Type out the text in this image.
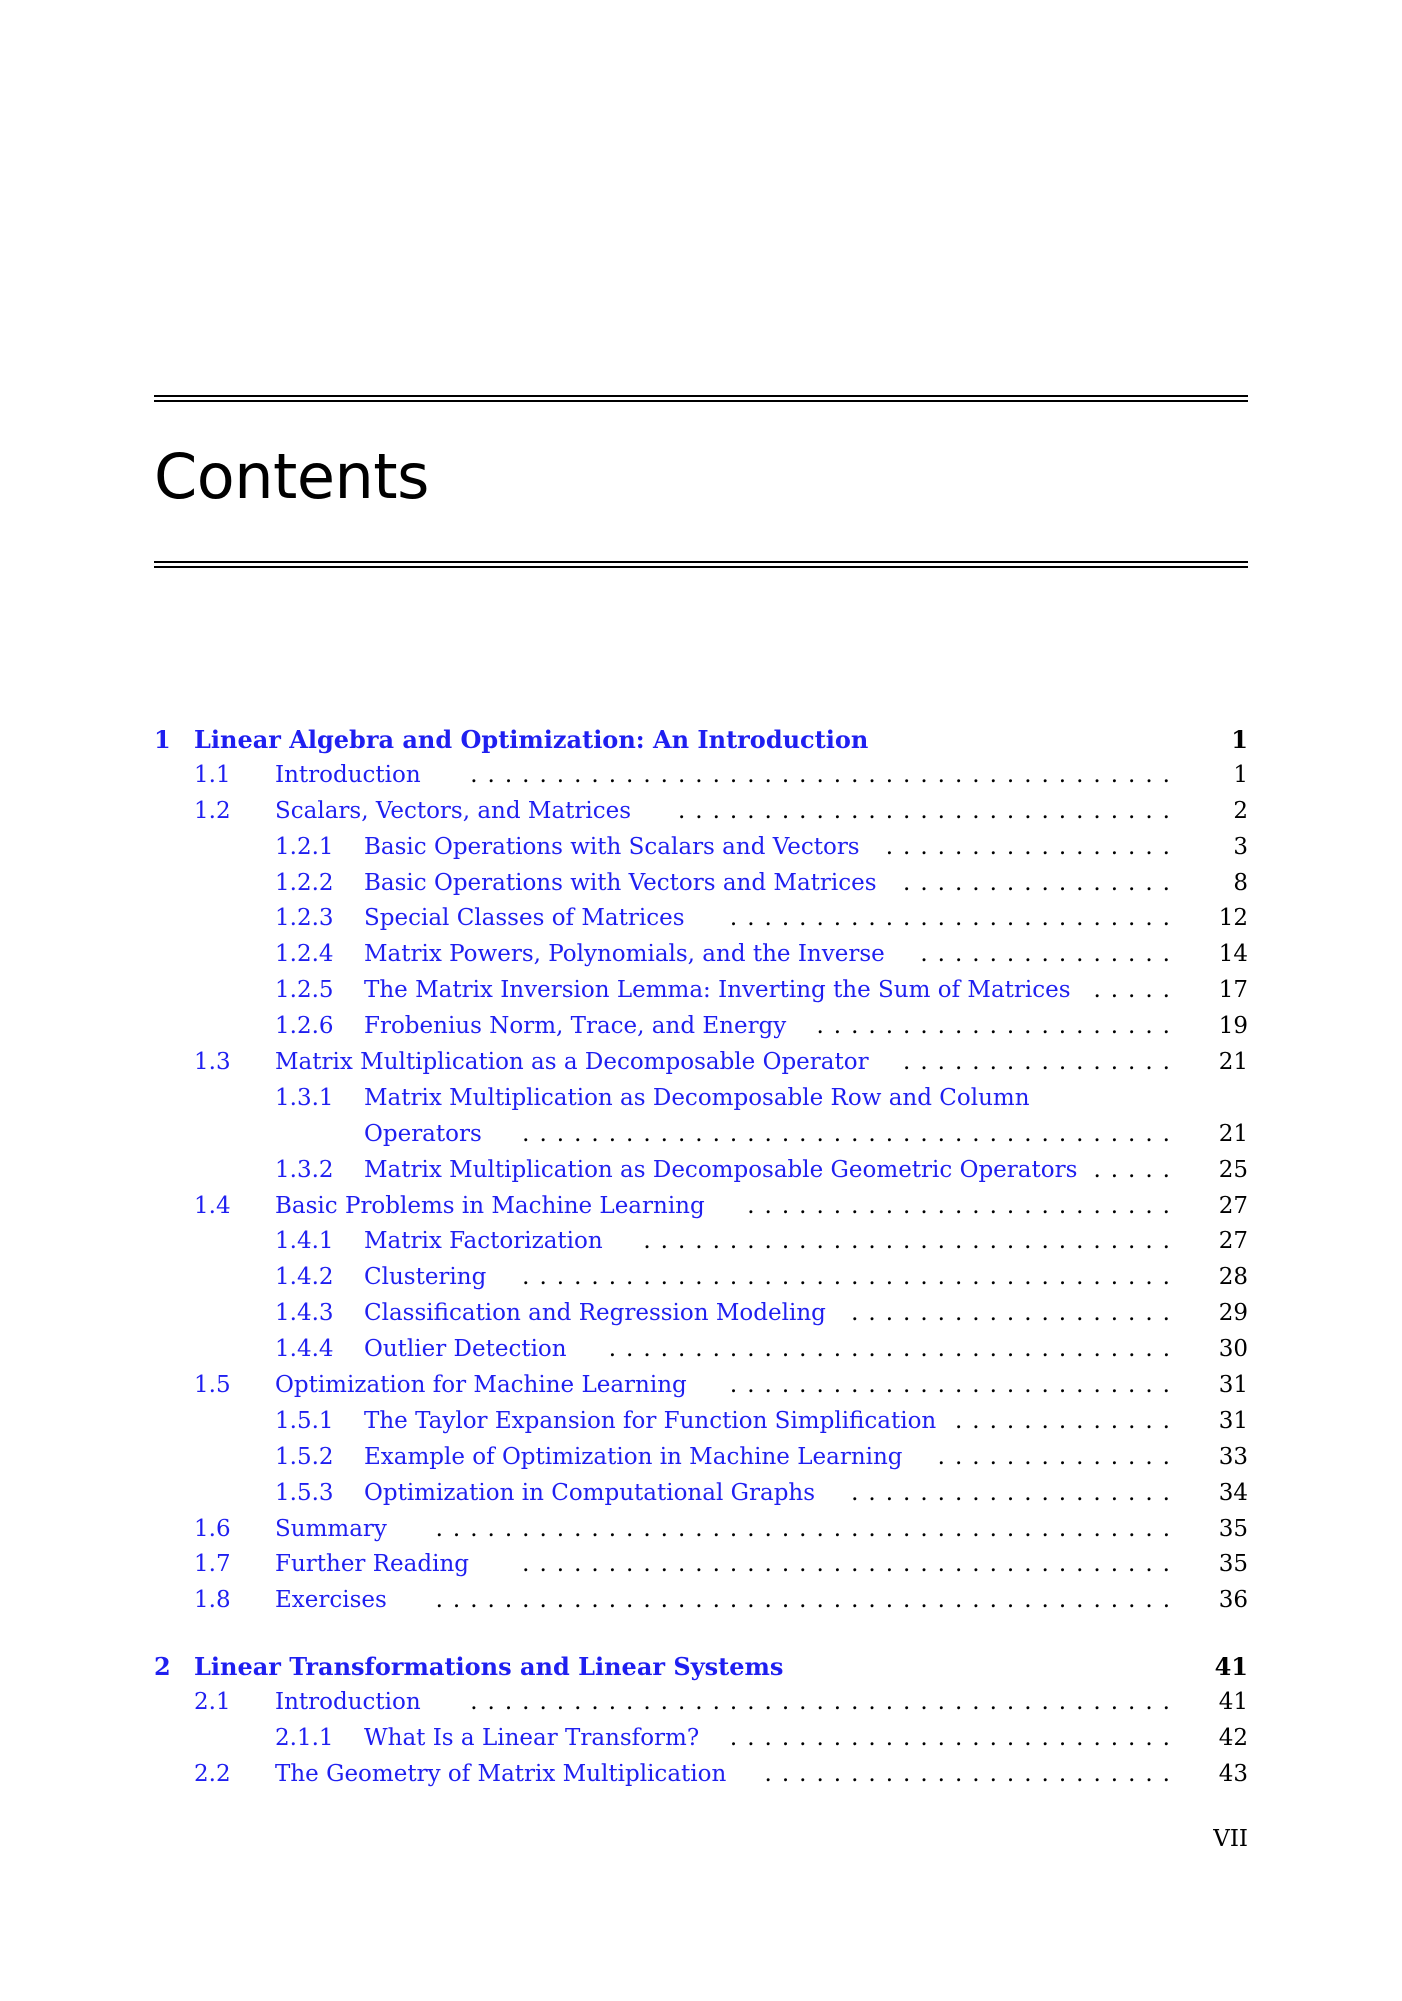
Contents
1 Linear Algebra and Optimization: An Introduction	1
1.1 Introduction ......................................... 1
1.2 Scalars, Vectors, and Matrices ............................. 2
1.2.1 Basic Operations with Scalars and Vectors ................. 3
1.2.2 Basic Operations with Vectors and Matrices ................ 8
1.2.3 Special Classes of Matrices .......................... 12
1.2.4 Matrix Powers, Polynomials, and the Inverse ............... 14
1.2.5 The Matrix Inversion Lemma: Inverting the Sum of Matrices ..... 17
1.2.6 Frobenius Norm, Trace, and Energy ..................... 19
1.3 Matrix Multiplication as a Decomposable Operator ................ 21
1.3.1 Matrix Multiplication as Decomposable Row and Column
Operators ...................................... 21
1.3.2 Matrix Multiplication as Decomposable Geometric Operators ..... 25
1.4 Basic Problems in Machine Learning ......................... 27
1.4.1 Matrix Factorization ............................... 27
1.4.2 Clustering ...................................... 28
1.4.3 Classification and Regression Modeling ................... 29
1.4.4 Outlier Detection ................................. 30
1.5 Optimization for Machine Learning .......................... 31
1.5.1 The Taylor Expansion for Function Simplification ............. 31
1.5.2 Example of Optimization in Machine Learning .............. 33
1.5.3 Optimization in Computational Graphs ................... 34
1.6 Summary ........................................... 35
1.7 Further Reading ...................................... 35
1.8 Exercises ........................................... 36
2 Linear Transformations and Linear Systems	41
2.1 Introduction ......................................... 41
2.1.1 What Is a Linear Transform? .......................... 42
2.2 The Geometry of Matrix Multiplication ........................ 43
VII
